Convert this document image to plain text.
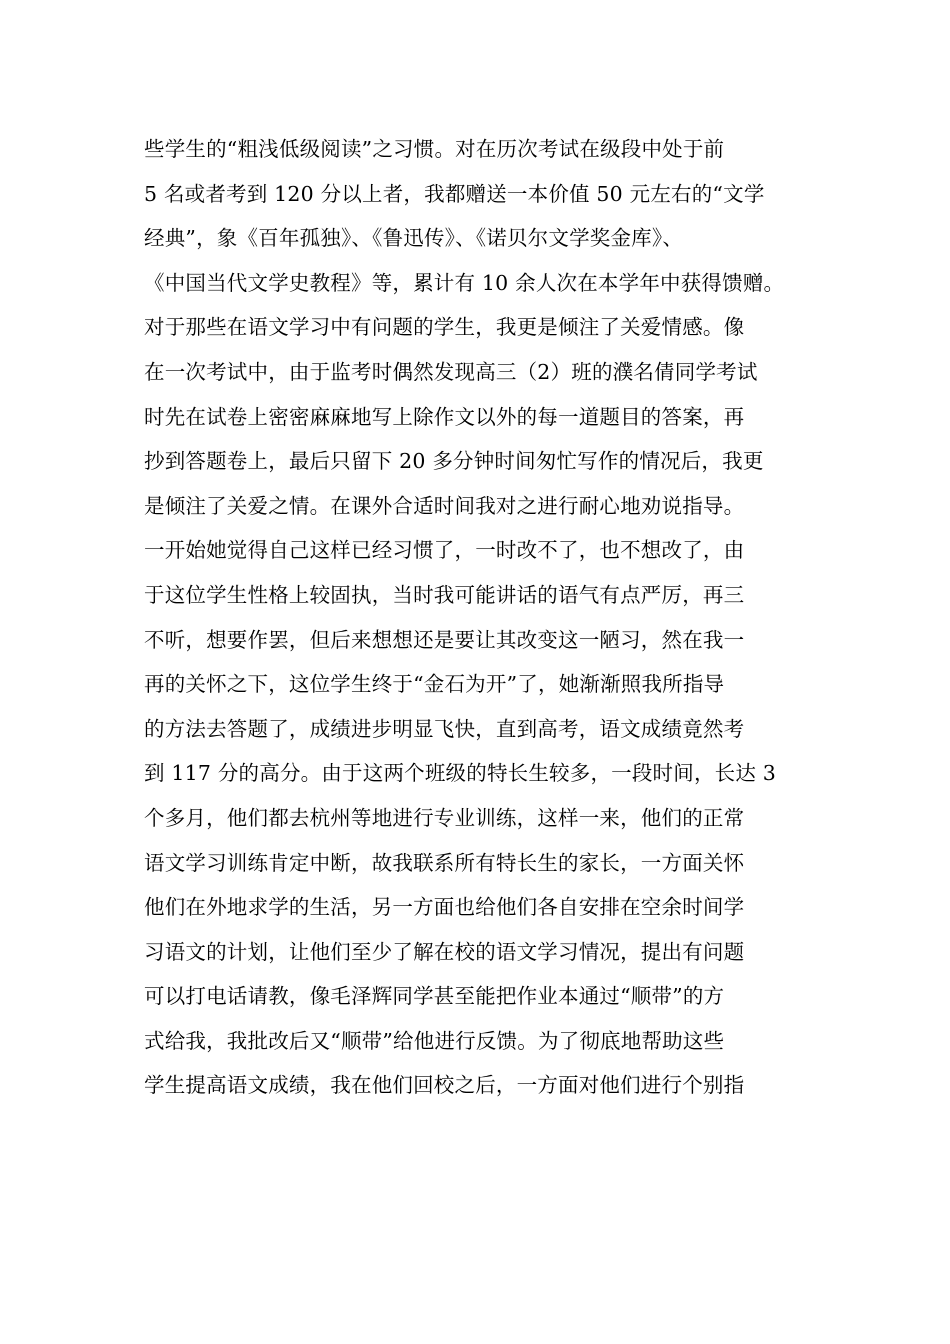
些学生的“粗浅低级阅读”之习惯。对在历次考试在级段中处于前
5 名或者考到 120 分以上者，我都赠送一本价值 50 元左右的“文学
经典”，象《百年孤独》、《鲁迅传》、《诺贝尔文学奖金库》、
《中国当代文学史教程》等，累计有 10 余人次在本学年中获得馈赠。
对于那些在语文学习中有问题的学生，我更是倾注了关爱情感。像
在一次考试中，由于监考时偶然发现高三（2）班的濮名倩同学考试
时先在试卷上密密麻麻地写上除作文以外的每一道题目的答案，再
抄到答题卷上，最后只留下 20 多分钟时间匆忙写作的情况后，我更
是倾注了关爱之情。在课外合适时间我对之进行耐心地劝说指导。
一开始她觉得自己这样已经习惯了，一时改不了，也不想改了，由
于这位学生性格上较固执，当时我可能讲话的语气有点严厉，再三
不听，想要作罢，但后来想想还是要让其改变这一陋习，然在我一
再的关怀之下，这位学生终于“金石为开”了，她渐渐照我所指导
的方法去答题了，成绩进步明显飞快，直到高考，语文成绩竟然考
到 117 分的高分。由于这两个班级的特长生较多，一段时间，长达 3
个多月，他们都去杭州等地进行专业训练，这样一来，他们的正常
语文学习训练肯定中断，故我联系所有特长生的家长，一方面关怀
他们在外地求学的生活，另一方面也给他们各自安排在空余时间学
习语文的计划，让他们至少了解在校的语文学习情况，提出有问题
可以打电话请教，像毛泽辉同学甚至能把作业本通过“顺带”的方
式给我，我批改后又“顺带”给他进行反馈。为了彻底地帮助这些
学生提高语文成绩，我在他们回校之后，一方面对他们进行个别指
